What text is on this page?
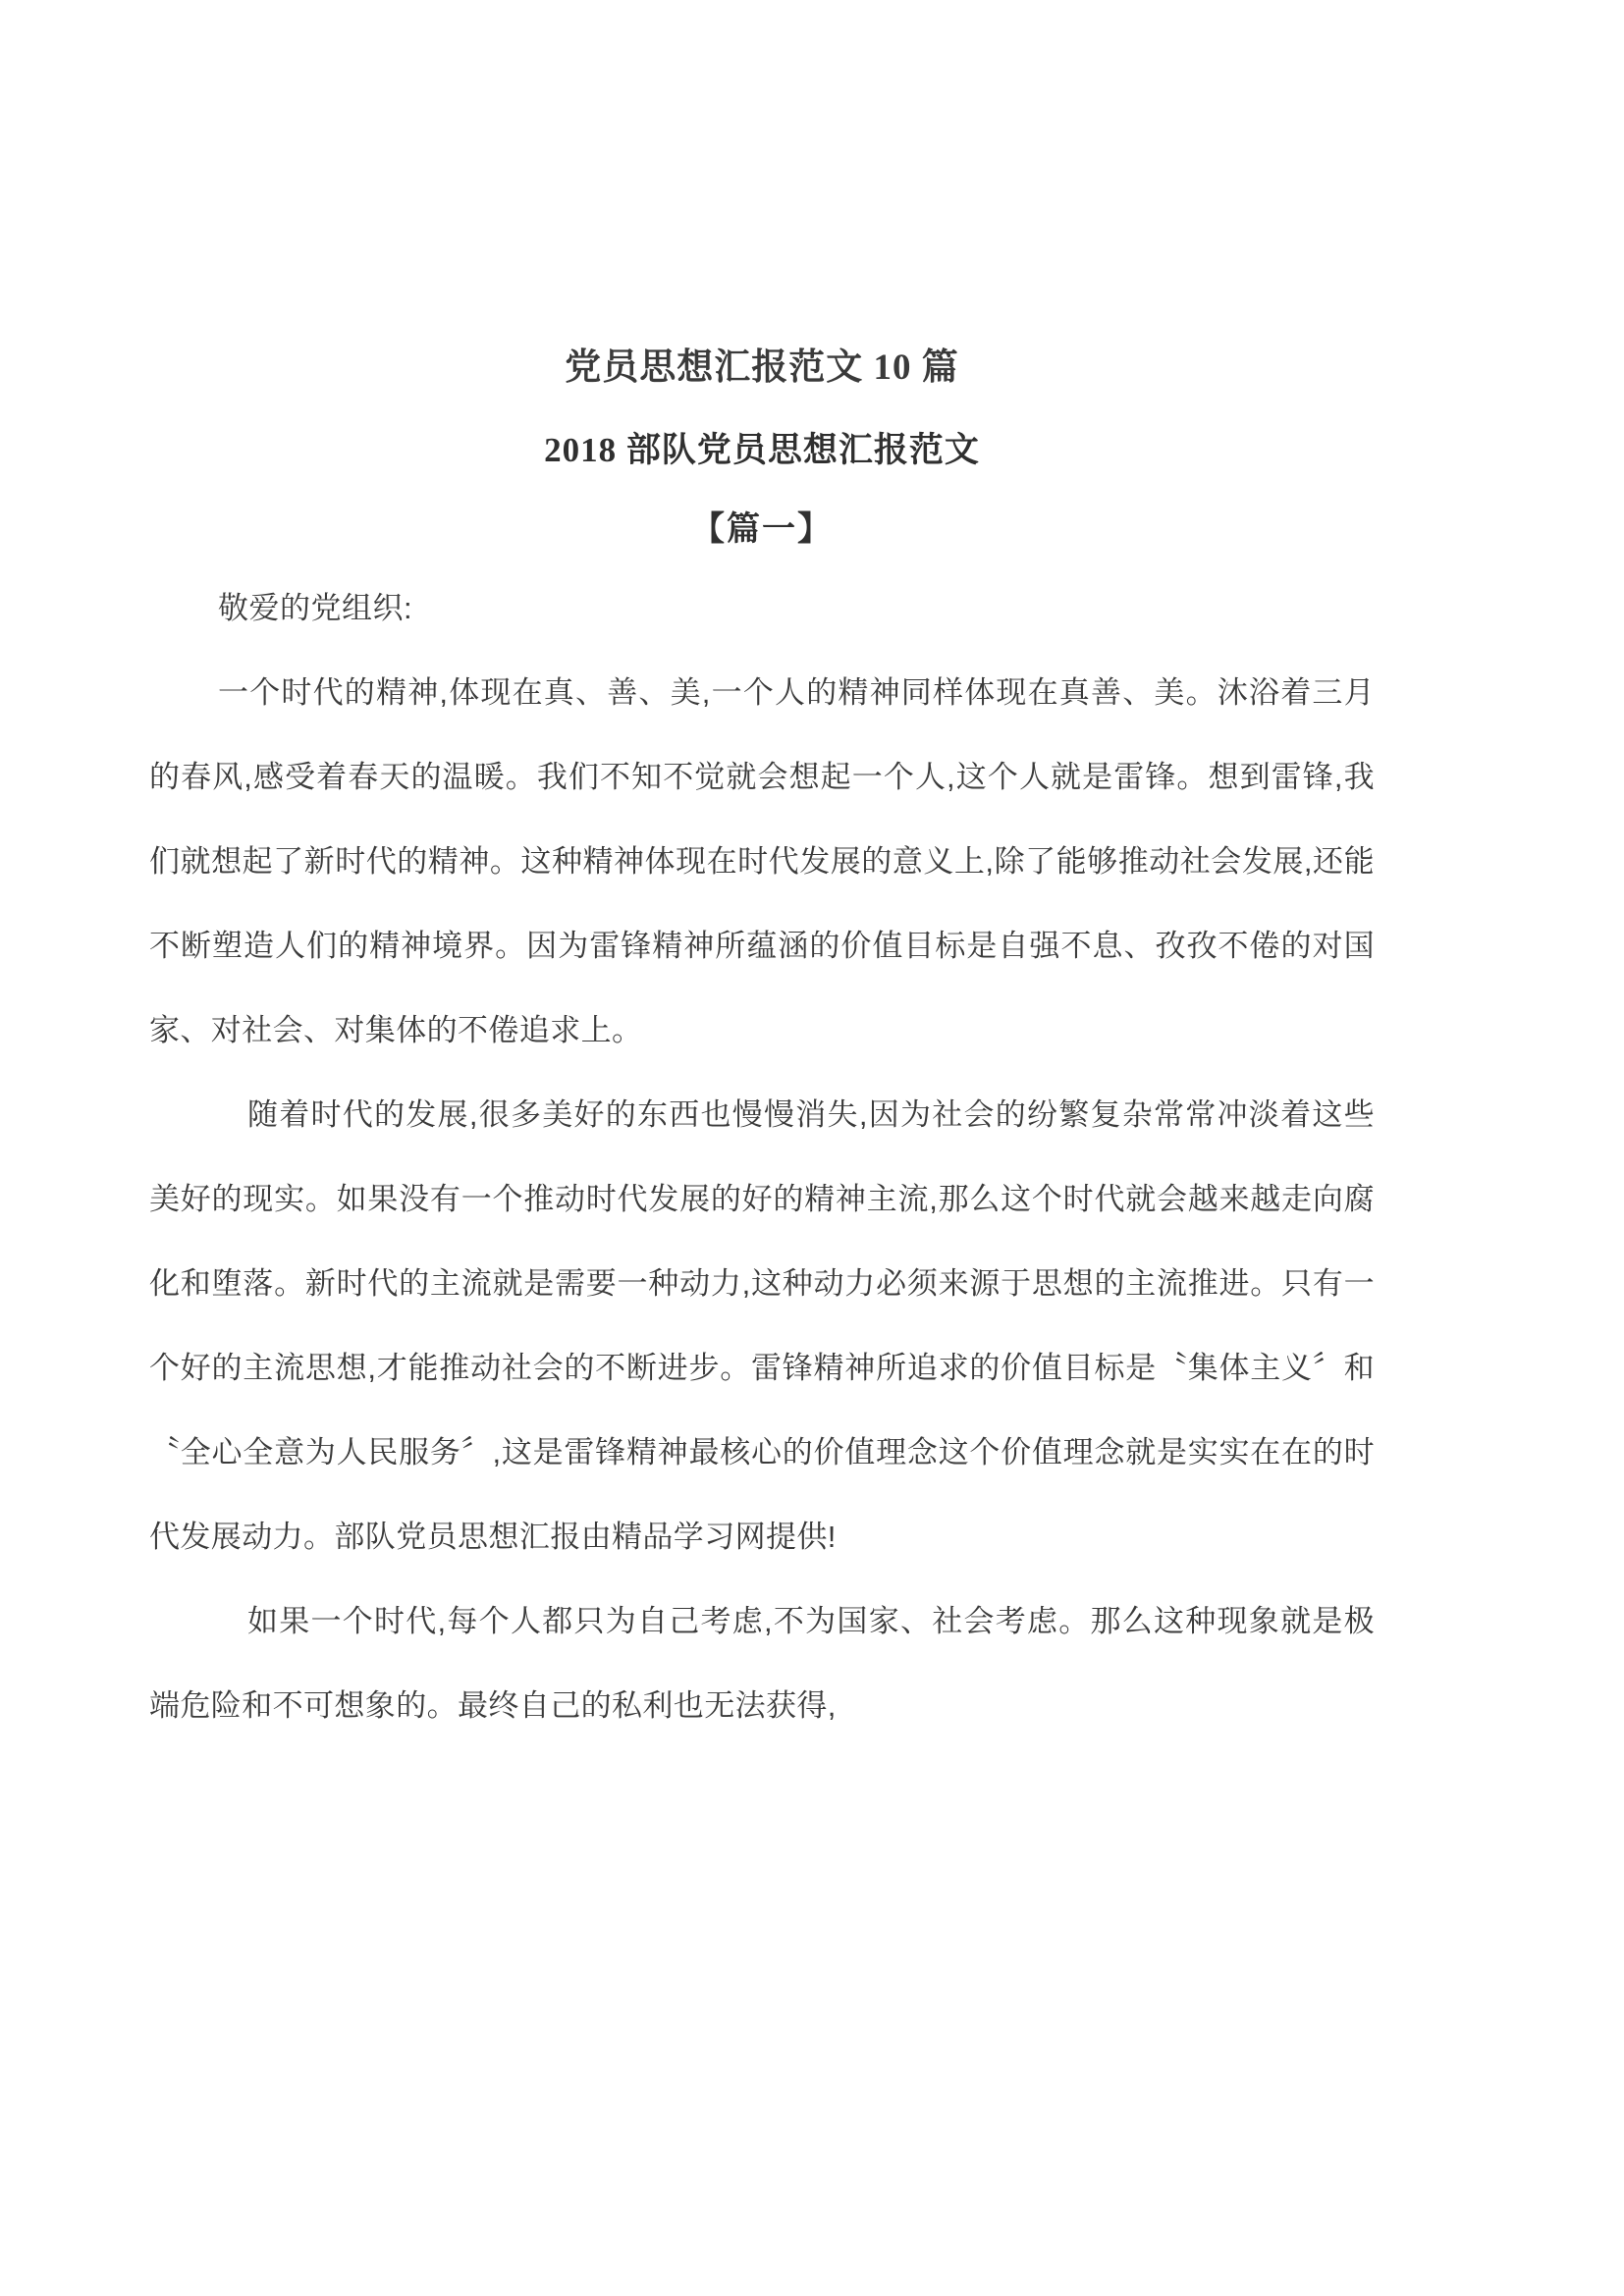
党员思想汇报范文 10 篇
2018 部队党员思想汇报范文
【篇一】
敬爱的党组织:

一个时代的精神,体现在真、善、美,一个人的精神同样体现在真善、美。沐浴着三月的春风,感受着春天的温暖。我们不知不觉就会想起一个人,这个人就是雷锋。想到雷锋,我们就想起了新时代的精神。这种精神体现在时代发展的意义上,除了能够推动社会发展,还能不断塑造人们的精神境界。因为雷锋精神所蕴涵的价值目标是自强不息、孜孜不倦的对国家、对社会、对集体的不倦追求上。

随着时代的发展,很多美好的东西也慢慢消失,因为社会的纷繁复杂常常冲淡着这些美好的现实。如果没有一个推动时代发展的好的精神主流,那么这个时代就会越来越走向腐化和堕落。新时代的主流就是需要一种动力,这种动力必须来源于思想的主流推进。只有一个好的主流思想,才能推动社会的不断进步。雷锋精神所追求的价值目标是〝集体主义〞和〝全心全意为人民服务〞,这是雷锋精神最核心的价值理念这个价值理念就是实实在在的时代发展动力。部队党员思想汇报由精品学习网提供!

如果一个时代,每个人都只为自己考虑,不为国家、社会考虑。那么这种现象就是极端危险和不可想象的。最终自己的私利也无法获得,
